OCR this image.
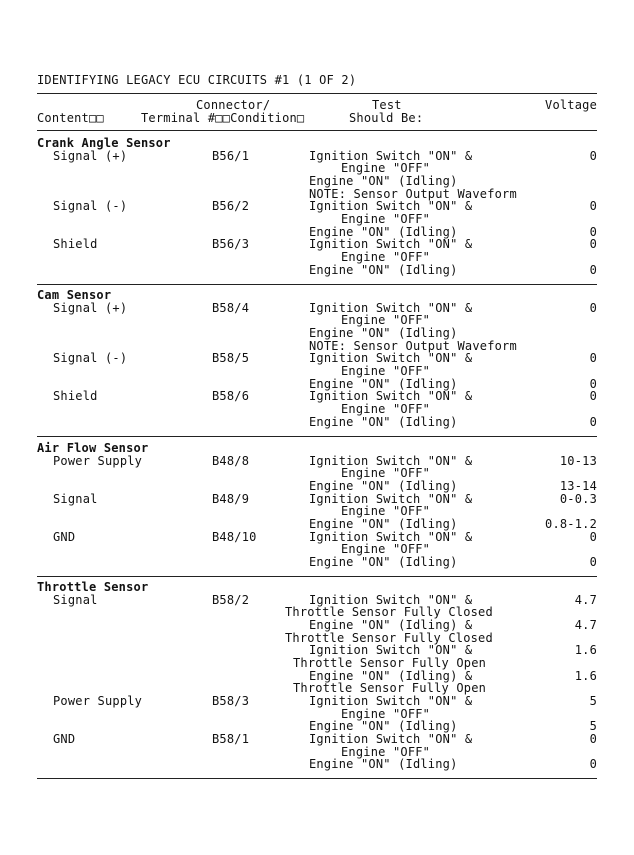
IDENTIFYING LEGACY ECU CIRCUITS #1 (1 OF 2)
Connector/	Test	Voltage
Content□□	Terminal #□□Condition□	Should Be:
Crank Angle Sensor
Signal (+)	B56/1	Ignition Switch "ON" &	0
Engine "OFF"
Engine "ON" (Idling)
NOTE: Sensor Output Waveform
Signal (-)	B56/2	Ignition Switch "ON" &	0
Engine "OFF"
Engine "ON" (Idling)	0
Shield	B56/3	Ignition Switch "ON" &	0
Engine "OFF"
Engine "ON" (Idling)	0
Cam Sensor
Signal (+)	B58/4	Ignition Switch "ON" &	0
Engine "OFF"
Engine "ON" (Idling)
NOTE: Sensor Output Waveform
Signal (-)	B58/5	Ignition Switch "ON" &	0
Engine "OFF"
Engine "ON" (Idling)	0
Shield	B58/6	Ignition Switch "ON" &	0
Engine "OFF"
Engine "ON" (Idling)	0
Air Flow Sensor
Power Supply	B48/8	Ignition Switch "ON" &	10-13
Engine "OFF"
Engine "ON" (Idling)	13-14
Signal	B48/9	Ignition Switch "ON" &	0-0.3
Engine "OFF"
Engine "ON" (Idling)	0.8-1.2
GND	B48/10	Ignition Switch "ON" &	0
Engine "OFF"
Engine "ON" (Idling)	0
Throttle Sensor
Signal	B58/2	Ignition Switch "ON" &	4.7
Throttle Sensor Fully Closed
Engine "ON" (Idling) &	4.7
Throttle Sensor Fully Closed
Ignition Switch "ON" &	1.6
Throttle Sensor Fully Open
Engine "ON" (Idling) &	1.6
Throttle Sensor Fully Open
Power Supply	B58/3	Ignition Switch "ON" &	5
Engine "OFF"
Engine "ON" (Idling)	5
GND	B58/1	Ignition Switch "ON" &	0
Engine "OFF"
Engine "ON" (Idling)	0
